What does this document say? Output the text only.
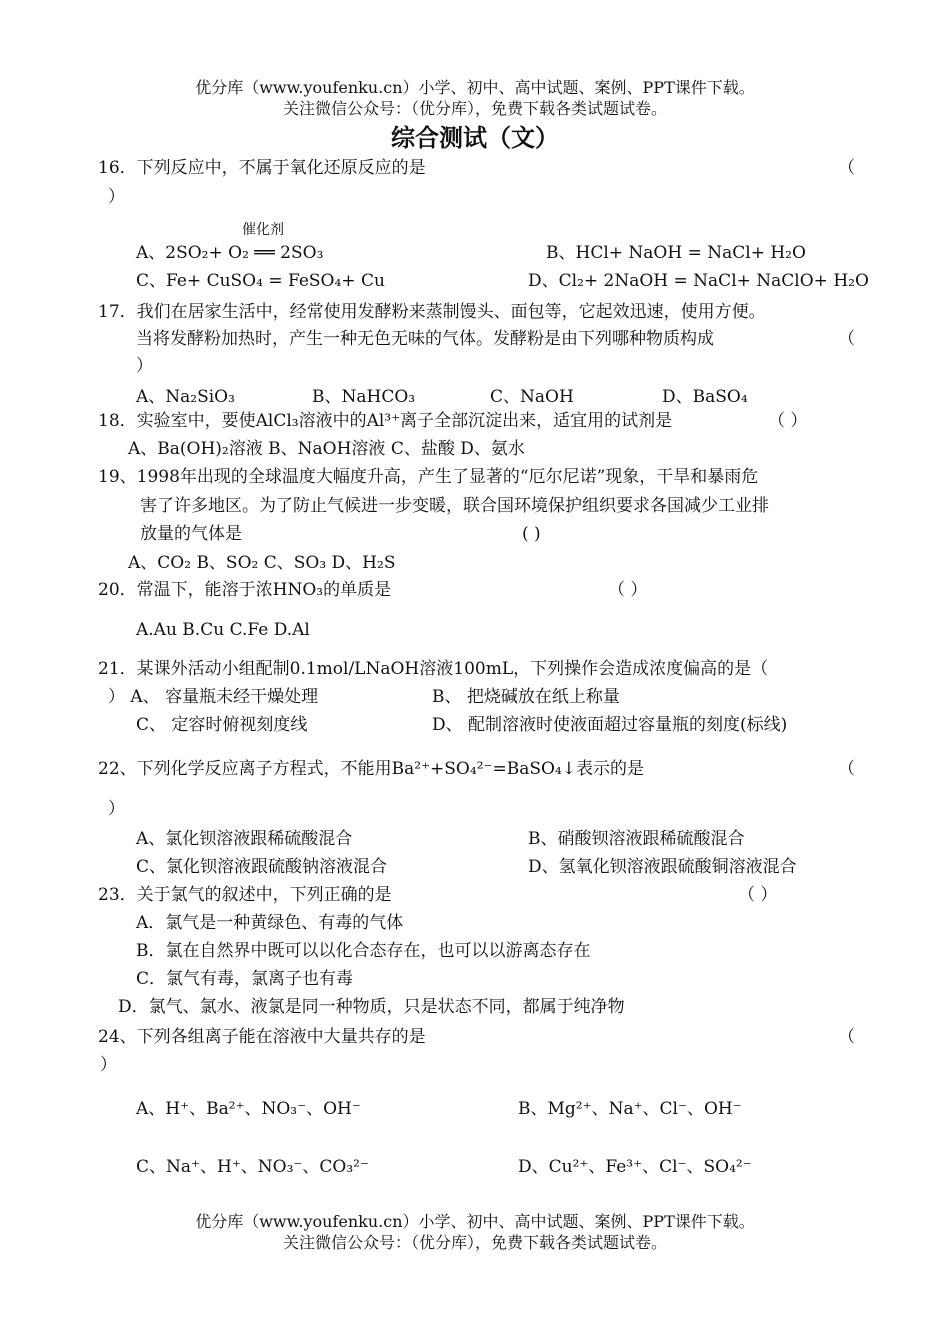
优分库（www.youfenku.cn）小学、初中、高中试题、案例、PPT课件下载。
关注微信公众号：（优分库），免费下载各类试题试卷。
综合测试（文）
16．下列反应中，不属于氧化还原反应的是	（
）
催化剂
A、2SO₂+ O₂ ══ 2SO₃	B、HCl+ NaOH = NaCl+ H₂O
C、Fe+ CuSO₄ = FeSO₄+ Cu	D、Cl₂+ 2NaOH = NaCl+ NaClO+ H₂O
17．我们在居家生活中，经常使用发酵粉来蒸制馒头、面包等，它起效迅速，使用方便。
当将发酵粉加热时，产生一种无色无味的气体。发酵粉是由下列哪种物质构成	（
）
A、Na₂SiO₃	B、NaHCO₃	C、NaOH	D、BaSO₄
18．实验室中，要使AlCl₃溶液中的Al³⁺离子全部沉淀出来，适宜用的试剂是	（ ）
A、Ba(OH)₂溶液 B、NaOH溶液 C、盐酸 D、氨水
19、1998年出现的全球温度大幅度升高，产生了显著的“厄尔尼诺”现象，干旱和暴雨危
害了许多地区。为了防止气候进一步变暖，联合国环境保护组织要求各国减少工业排
放量的气体是	( )
A、CO₂ B、SO₂ C、SO₃ D、H₂S
20．常温下，能溶于浓HNO₃的单质是	（ ）
A.Au B.Cu C.Fe D.Al
21．某课外活动小组配制0.1mol/LNaOH溶液100mL，下列操作会造成浓度偏高的是（
） A、 容量瓶未经干燥处理	B、 把烧碱放在纸上称量
C、 定容时俯视刻度线	D、 配制溶液时使液面超过容量瓶的刻度(标线)
22、下列化学反应离子方程式，不能用Ba²⁺+SO₄²⁻=BaSO₄↓表示的是	（
）
A、氯化钡溶液跟稀硫酸混合	B、硝酸钡溶液跟稀硫酸混合
C、氯化钡溶液跟硫酸钠溶液混合	D、氢氧化钡溶液跟硫酸铜溶液混合
23．关于氯气的叙述中，下列正确的是	（ ）
A．氯气是一种黄绿色、有毒的气体
B．氯在自然界中既可以以化合态存在，也可以以游离态存在
C．氯气有毒，氯离子也有毒
D．氯气、氯水、液氯是同一种物质，只是状态不同，都属于纯净物
24、下列各组离子能在溶液中大量共存的是	（
）
A、H⁺、Ba²⁺、NO₃⁻、OH⁻	B、Mg²⁺、Na⁺、Cl⁻、OH⁻
C、Na⁺、H⁺、NO₃⁻、CO₃²⁻	D、Cu²⁺、Fe³⁺、Cl⁻、SO₄²⁻
优分库（www.youfenku.cn）小学、初中、高中试题、案例、PPT课件下载。
关注微信公众号：（优分库），免费下载各类试题试卷。
